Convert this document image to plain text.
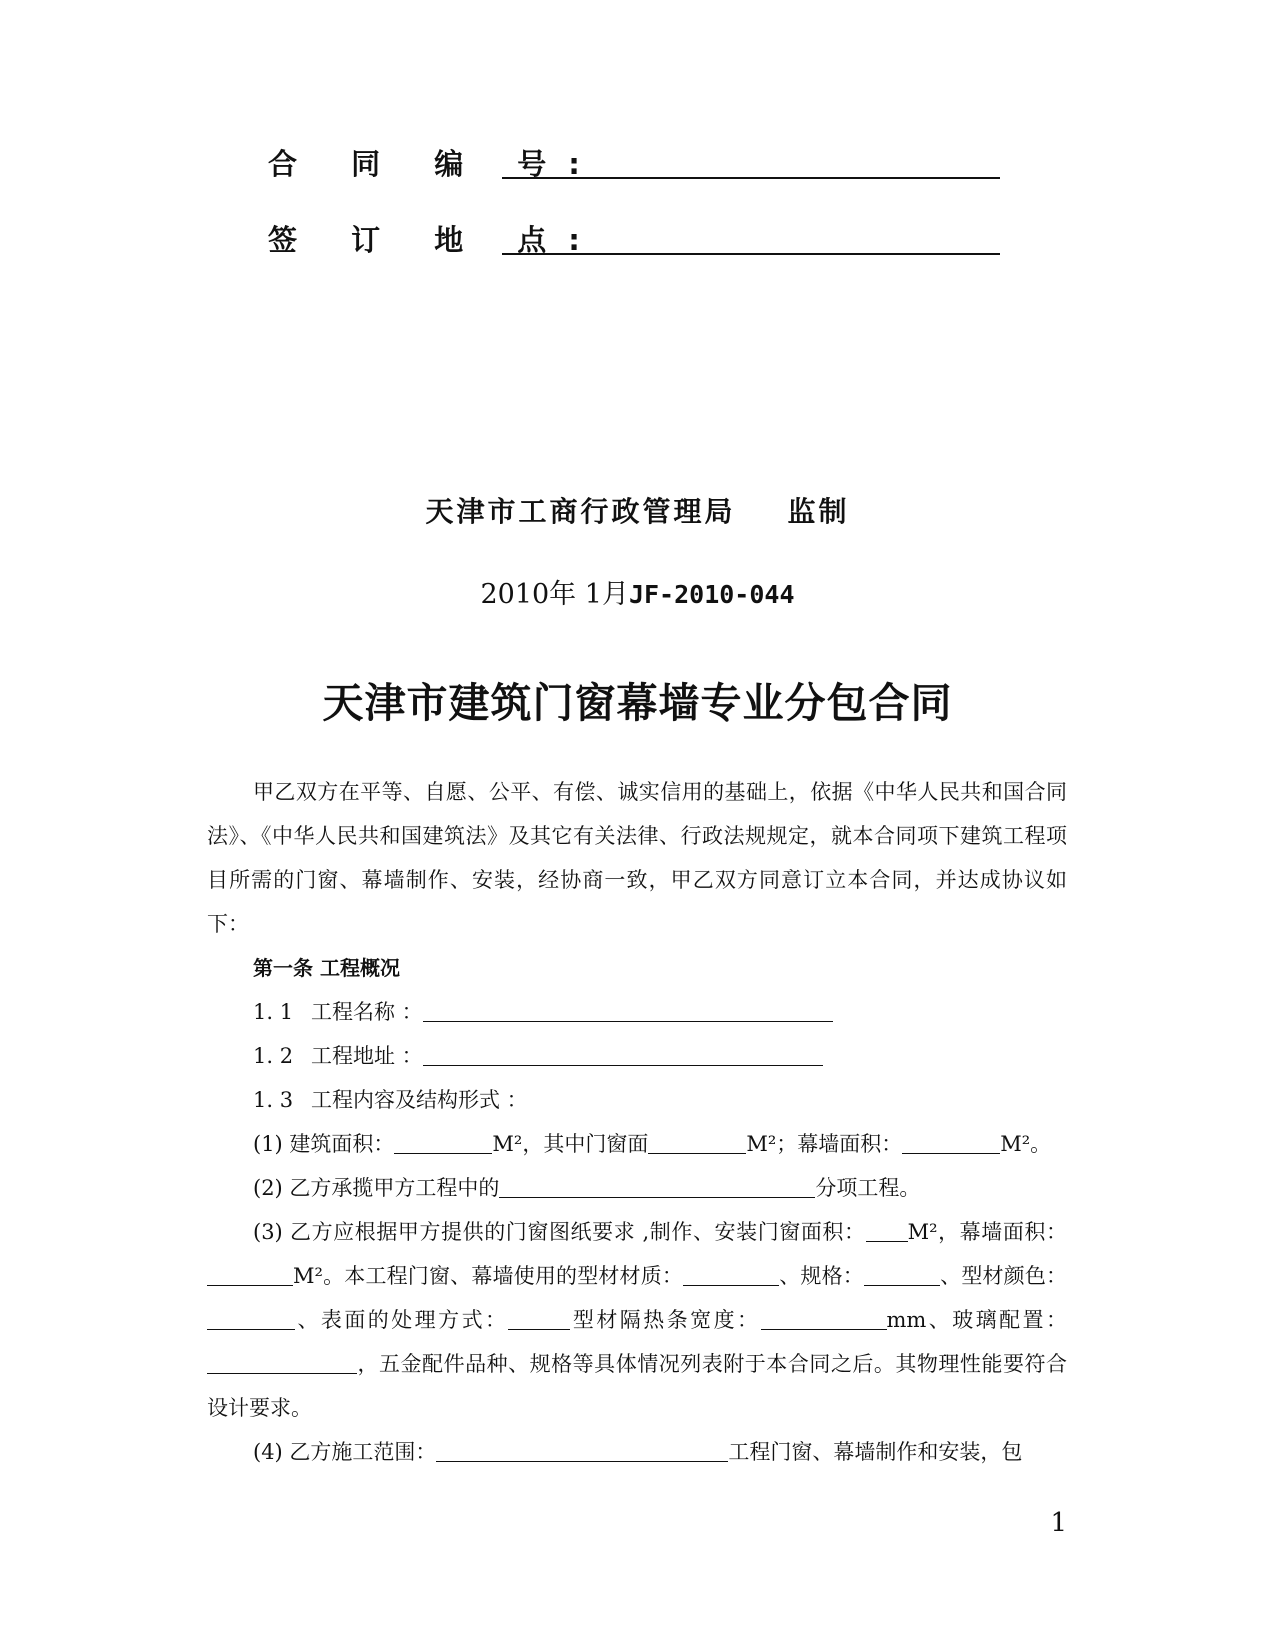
合 同 编 号:
签 订 地 点:
天津市工商行政管理局 监制
2010年 1月JF-2010-044
天津市建筑门窗幕墙专业分包合同

甲乙双方在平等、自愿、公平、有偿、诚实信用的基础上，依据《中华人民共和国合同法》、《中华人民共和国建筑法》及其它有关法律、行政法规规定，就本合同项下建筑工程项目所需的门窗、幕墙制作、安装，经协商一致，甲乙双方同意订立本合同，并达成协议如下：

第一条 工程概况

1. 1 工程名称 ：

1. 2 工程地址 ：

1. 3 工程内容及结构形式 ：

(1) 建筑面积：	M²，其中门窗面	M²；幕墙面积：	M²。

(2) 乙方承揽甲方工程中的	分项工程。

(3) 乙方应根据甲方提供的门窗图纸要求 ,制作、安装门窗面积： M²，幕墙面积：M²。本工程门窗、幕墙使用的型材材质：	、规格：	、型材颜色：、表面的处理方式：	型材隔热条宽度：	mm、玻璃配置：，五金配件品种、规格等具体情况列表附于本合同之后。其物理性能要符合设计要求。

(4) 乙方施工范围：	工程门窗、幕墙制作和安装，包

1
